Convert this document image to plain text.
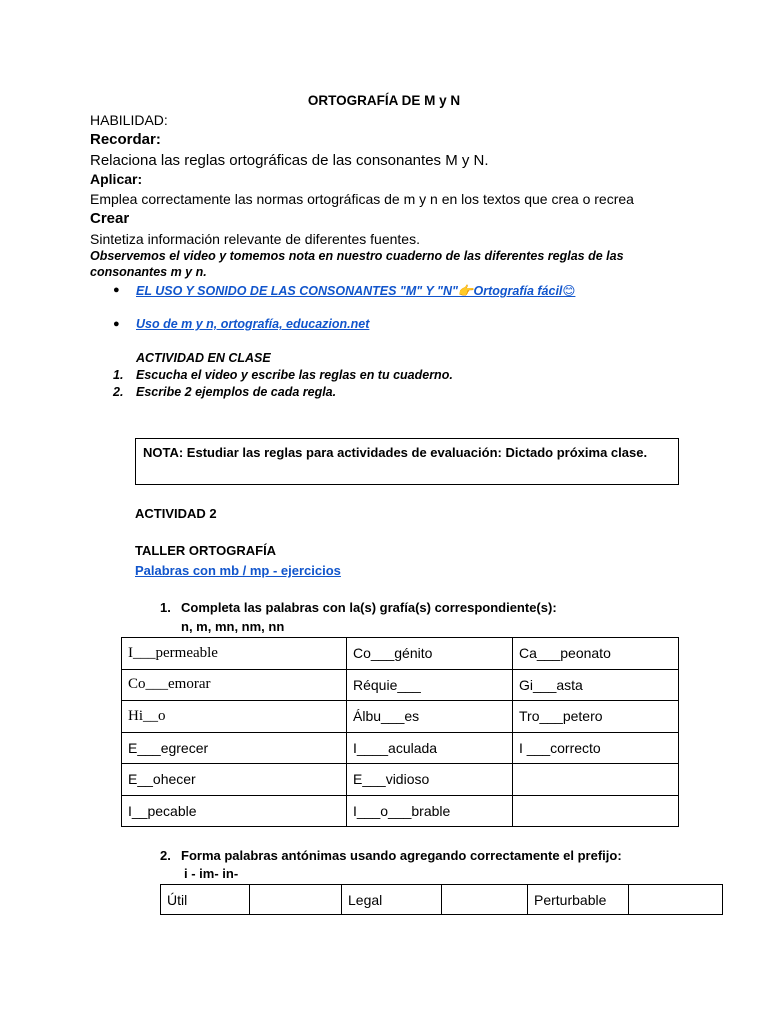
ORTOGRAFÍA DE M y N
HABILIDAD:
Recordar:
Relaciona las reglas ortográficas de las consonantes M y N.
Aplicar:
Emplea correctamente las normas ortográficas de m y n en los textos que crea o recrea
Crear
Sintetiza información relevante de diferentes fuentes.
Observemos el video y tomemos nota en nuestro cuaderno de las diferentes reglas de las
consonantes m y n.
● EL USO Y SONIDO DE LAS CONSONANTES "M" Y "N"👉Ortografía fácil😊
● Uso de m y n, ortografía, educazion.net
ACTIVIDAD EN CLASE
1. Escucha el video y escribe las reglas en tu cuaderno.
2. Escribe 2 ejemplos de cada regla.
NOTA: Estudiar las reglas para actividades de evaluación: Dictado próxima clase.
ACTIVIDAD 2
TALLER ORTOGRAFÍA
Palabras con mb / mp - ejercicios
1. Completa las palabras con la(s) grafía(s) correspondiente(s):
n, m, mn, nm, nn
I___permeable	Co___génito	Ca___peonato
Co___emorar	Réquie___	Gi___asta
Hi__o	Álbu___es	Tro___petero
E___egrecer	I____aculada	I ___correcto
E__ohecer	E___vidioso	
I__pecable	I___o___brable	
2. Forma palabras antónimas usando agregando correctamente el prefijo:
i - im- in-
Útil		Legal		Perturbable	
